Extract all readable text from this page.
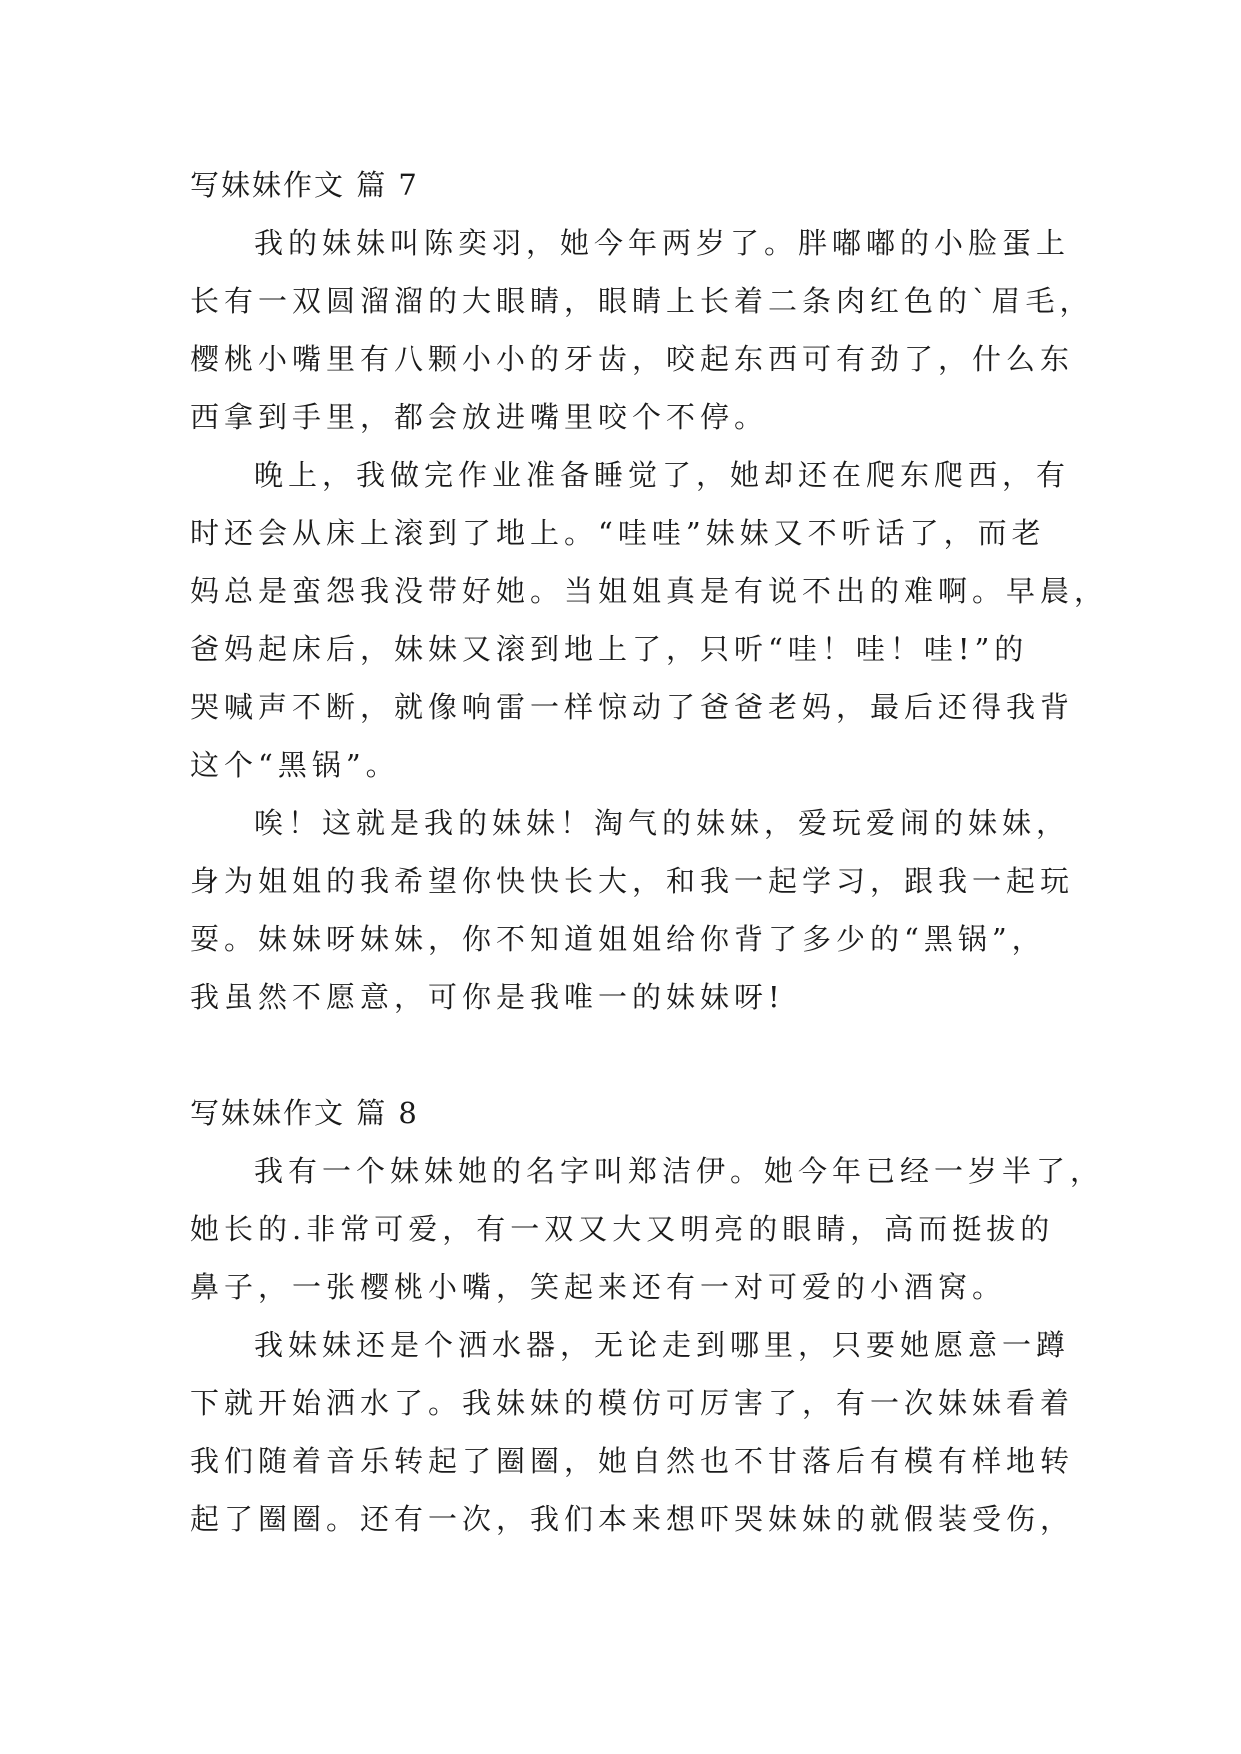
写妹妹作文 篇 7
我的妹妹叫陈奕羽，她今年两岁了。胖嘟嘟的小脸蛋上
长有一双圆溜溜的大眼睛，眼睛上长着二条肉红色的`眉毛，
樱桃小嘴里有八颗小小的牙齿，咬起东西可有劲了，什么东
西拿到手里，都会放进嘴里咬个不停。
晚上，我做完作业准备睡觉了，她却还在爬东爬西，有
时还会从床上滚到了地上。“哇哇”妹妹又不听话了，而老
妈总是蛮怨我没带好她。当姐姐真是有说不出的难啊。早晨，
爸妈起床后，妹妹又滚到地上了，只听“哇！哇！哇!”的
哭喊声不断，就像响雷一样惊动了爸爸老妈，最后还得我背
这个“黑锅”。
唉！这就是我的妹妹！淘气的妹妹，爱玩爱闹的妹妹，
身为姐姐的我希望你快快长大，和我一起学习，跟我一起玩
耍。妹妹呀妹妹，你不知道姐姐给你背了多少的“黑锅”，
我虽然不愿意，可你是我唯一的妹妹呀!
写妹妹作文 篇 8
我有一个妹妹她的名字叫郑洁伊。她今年已经一岁半了，
她长的.非常可爱，有一双又大又明亮的眼睛，高而挺拔的
鼻子，一张樱桃小嘴，笑起来还有一对可爱的小酒窝。
我妹妹还是个洒水器，无论走到哪里，只要她愿意一蹲
下就开始洒水了。我妹妹的模仿可厉害了，有一次妹妹看着
我们随着音乐转起了圈圈，她自然也不甘落后有模有样地转
起了圈圈。还有一次，我们本来想吓哭妹妹的就假装受伤，
